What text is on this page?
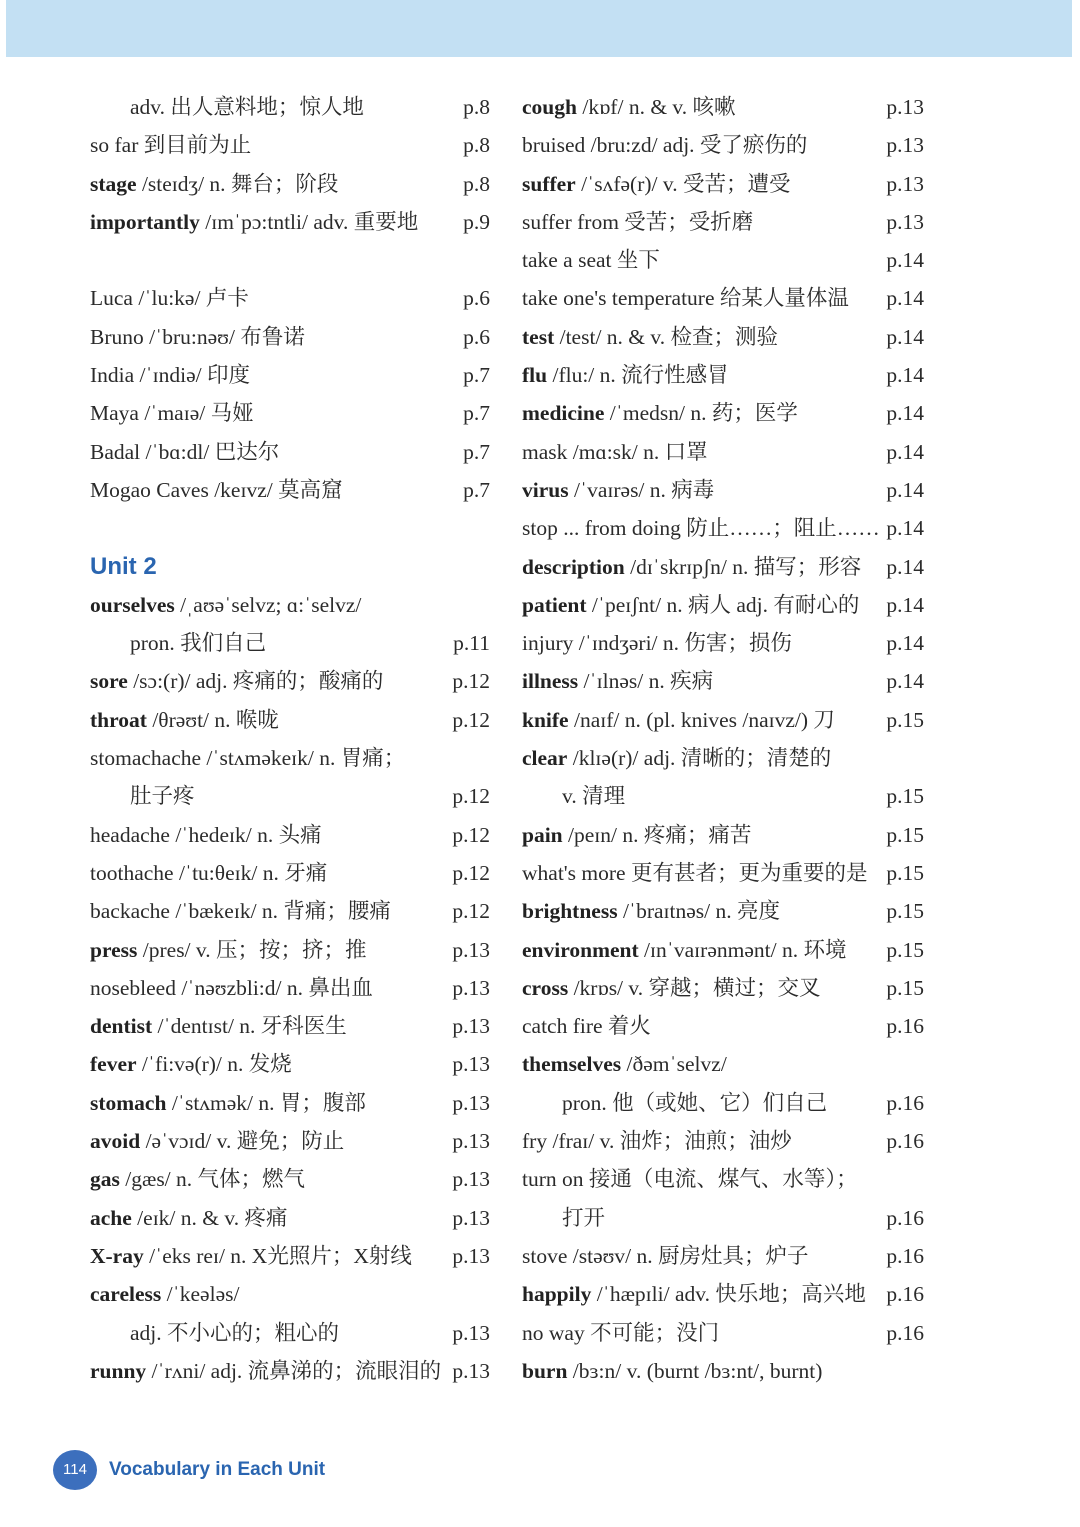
adv. 出人意料地；惊人地	p.8
so far 到目前为止	p.8
stage /steɪdʒ/ n. 舞台；阶段	p.8
importantly /ɪmˈpɔ:tntli/ adv. 重要地 p.9
Luca /ˈlu:kə/ 卢卡	p.6
Bruno /ˈbru:nəʊ/ 布鲁诺	p.6
India /ˈɪndiə/ 印度	p.7
Maya /ˈmaɪə/ 马娅	p.7
Badal /ˈbɑ:dl/ 巴达尔	p.7
Mogao Caves /keɪvz/ 莫高窟	p.7
Unit 2
ourselves /ˌaʊəˈselvz; ɑ:ˈselvz/
pron. 我们自己	p.11
sore /sɔ:(r)/ adj. 疼痛的；酸痛的	p.12
throat /θrəʊt/ n. 喉咙	p.12
stomachache /ˈstʌməkeɪk/ n. 胃痛；
肚子疼	p.12
headache /ˈhedeɪk/ n. 头痛	p.12
toothache /ˈtu:θeɪk/ n. 牙痛	p.12
backache /ˈbækeɪk/ n. 背痛；腰痛	p.12
press /pres/ v. 压；按；挤；推	p.13
nosebleed /ˈnəʊzbli:d/ n. 鼻出血	p.13
dentist /ˈdentɪst/ n. 牙科医生	p.13
fever /ˈfi:və(r)/ n. 发烧	p.13
stomach /ˈstʌmək/ n. 胃；腹部	p.13
avoid /əˈvɔɪd/ v. 避免；防止	p.13
gas /gæs/ n. 气体；燃气	p.13
ache /eɪk/ n. & v. 疼痛	p.13
X-ray /ˈeks reɪ/ n. X光照片；X射线 p.13
careless /ˈkeələs/
adj. 不小心的；粗心的	p.13
runny /ˈrʌni/ adj. 流鼻涕的；流眼泪的 p.13
cough /kɒf/ n. & v. 咳嗽	p.13
bruised /bru:zd/ adj. 受了瘀伤的	p.13
suffer /ˈsʌfə(r)/ v. 受苦；遭受	p.13
suffer from 受苦；受折磨	p.13
take a seat 坐下	p.14
take one's temperature 给某人量体温 p.14
test /test/ n. & v. 检查；测验	p.14
flu /flu:/ n. 流行性感冒	p.14
medicine /ˈmedsn/ n. 药；医学	p.14
mask /mɑ:sk/ n. 口罩	p.14
virus /ˈvaɪrəs/ n. 病毒	p.14
stop ... from doing 防止……；阻止…… p.14
description /dɪˈskrɪpʃn/ n. 描写；形容 p.14
patient /ˈpeɪʃnt/ n. 病人 adj. 有耐心的 p.14
injury /ˈɪndʒəri/ n. 伤害；损伤	p.14
illness /ˈɪlnəs/ n. 疾病	p.14
knife /naɪf/ n. (pl. knives /naɪvz/) 刀 p.15
clear /klɪə(r)/ adj. 清晰的；清楚的
v. 清理	p.15
pain /peɪn/ n. 疼痛；痛苦	p.15
what's more 更有甚者；更为重要的是 p.15
brightness /ˈbraɪtnəs/ n. 亮度	p.15
environment /ɪnˈvaɪrənmənt/ n. 环境 p.15
cross /krɒs/ v. 穿越；横过；交叉	p.15
catch fire 着火	p.16
themselves /ðəmˈselvz/
pron. 他（或她、它）们自己	p.16
fry /fraɪ/ v. 油炸；油煎；油炒	p.16
turn on 接通（电流、煤气、水等）；
打开	p.16
stove /stəʊv/ n. 厨房灶具；炉子	p.16
happily /ˈhæpɪli/ adv. 快乐地；高兴地 p.16
no way 不可能；没门	p.16
burn /bɜ:n/ v. (burnt /bɜ:nt/, burnt)
114	Vocabulary in Each Unit
